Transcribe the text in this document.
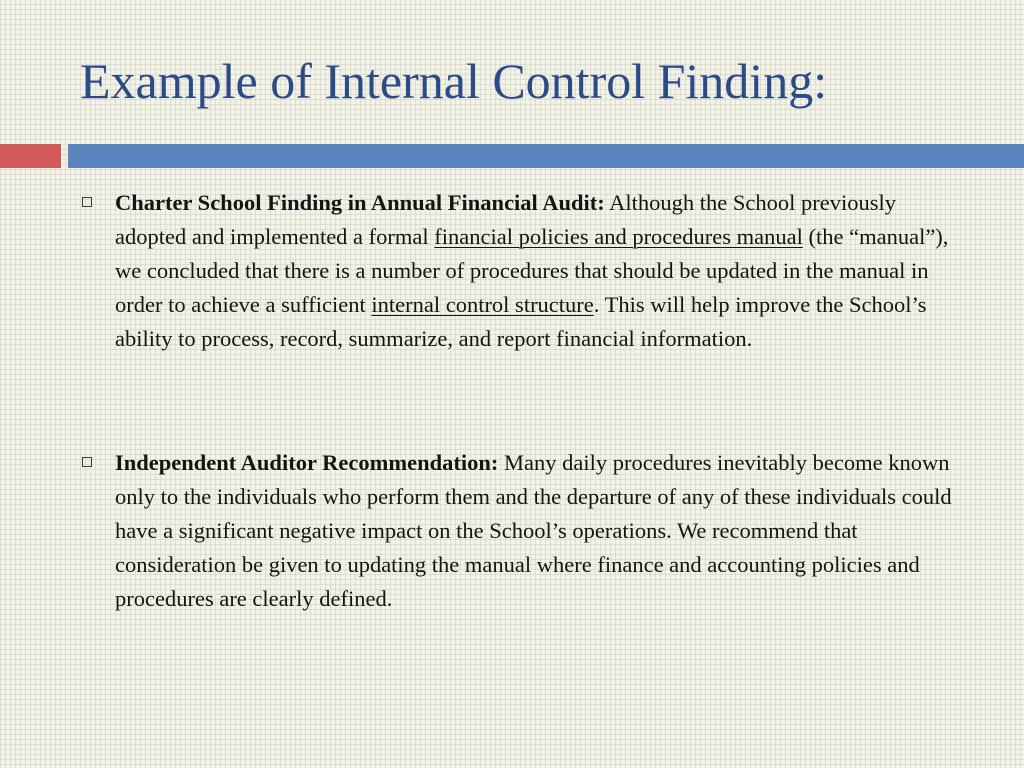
Example of Internal Control Finding:

Charter School Finding in Annual Financial Audit: Although the School previously adopted and implemented a formal financial policies and procedures manual (the “manual”), we concluded that there is a number of procedures that should be updated in the manual in order to achieve a sufficient internal control structure. This will help improve the School’s ability to process, record, summarize, and report financial information.

Independent Auditor Recommendation: Many daily procedures inevitably become known only to the individuals who perform them and the departure of any of these individuals could have a significant negative impact on the School’s operations. We recommend that consideration be given to updating the manual where finance and accounting policies and procedures are clearly defined.
